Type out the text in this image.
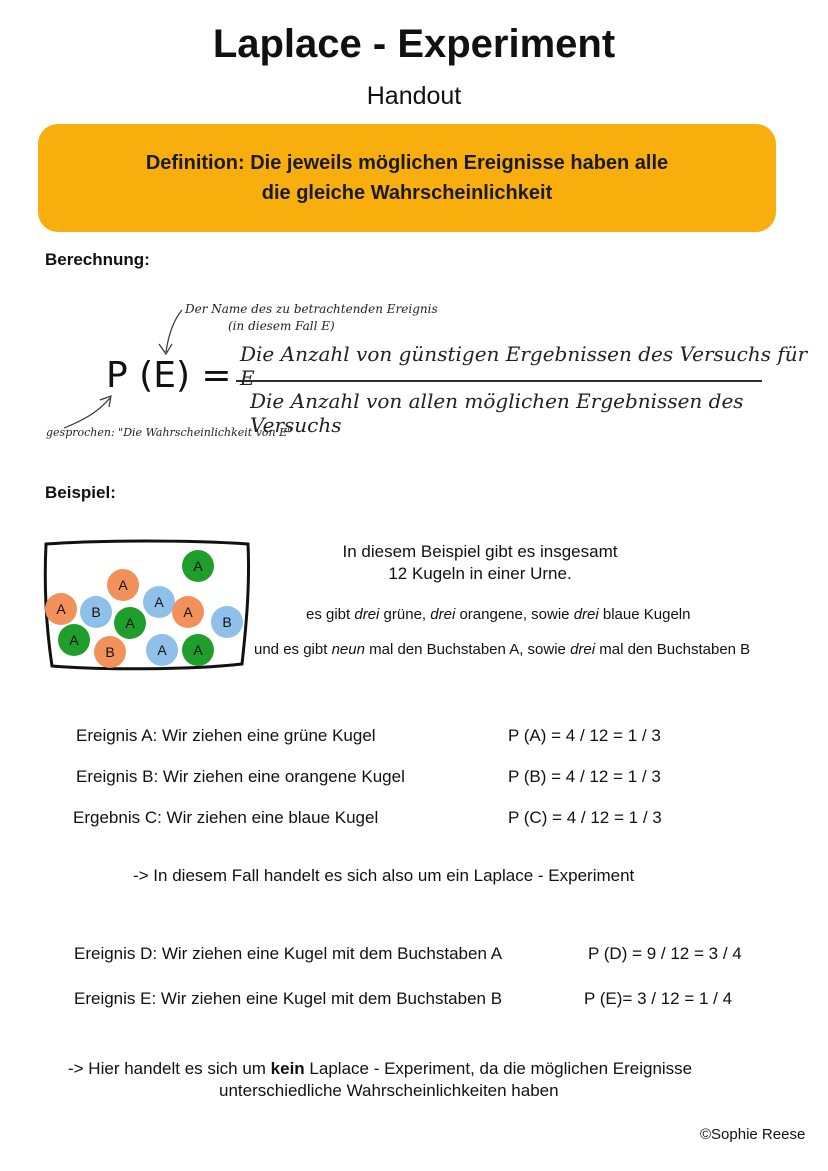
Laplace - Experiment
Handout
Definition: Die jeweils möglichen Ereignisse haben alle
die gleiche Wahrscheinlichkeit
Berechnung:
Der Name des zu betrachtenden Ereignis
(in diesem Fall E)
P (E) =
Die Anzahl von günstigen Ergebnissen des Versuchs für E
Die Anzahl von allen möglichen Ergebnissen des Versuchs
gesprochen: "Die Wahrscheinlichkeit von E"
Beispiel:
A
A
A B
A
A
B
A
A
B	A A
In diesem Beispiel gibt es insgesamt
12 Kugeln in einer Urne.
es gibt drei grüne, drei orangene, sowie drei blaue Kugeln
und es gibt neun mal den Buchstaben A, sowie drei mal den Buchstaben B
Ereignis A: Wir ziehen eine grüne Kugel	P (A) = 4 / 12 = 1 / 3
Ereignis B: Wir ziehen eine orangene Kugel	P (B) = 4 / 12 = 1 / 3
Ergebnis C: Wir ziehen eine blaue Kugel	P (C) = 4 / 12 = 1 / 3
-> In diesem Fall handelt es sich also um ein Laplace - Experiment
Ereignis D: Wir ziehen eine Kugel mit dem Buchstaben A	P (D) = 9 / 12 = 3 / 4
Ereignis E: Wir ziehen eine Kugel mit dem Buchstaben B	P (E)= 3 / 12 = 1 / 4
-> Hier handelt es sich um kein Laplace - Experiment, da die möglichen Ereignisse
unterschiedliche Wahrscheinlichkeiten haben
©Sophie Reese
